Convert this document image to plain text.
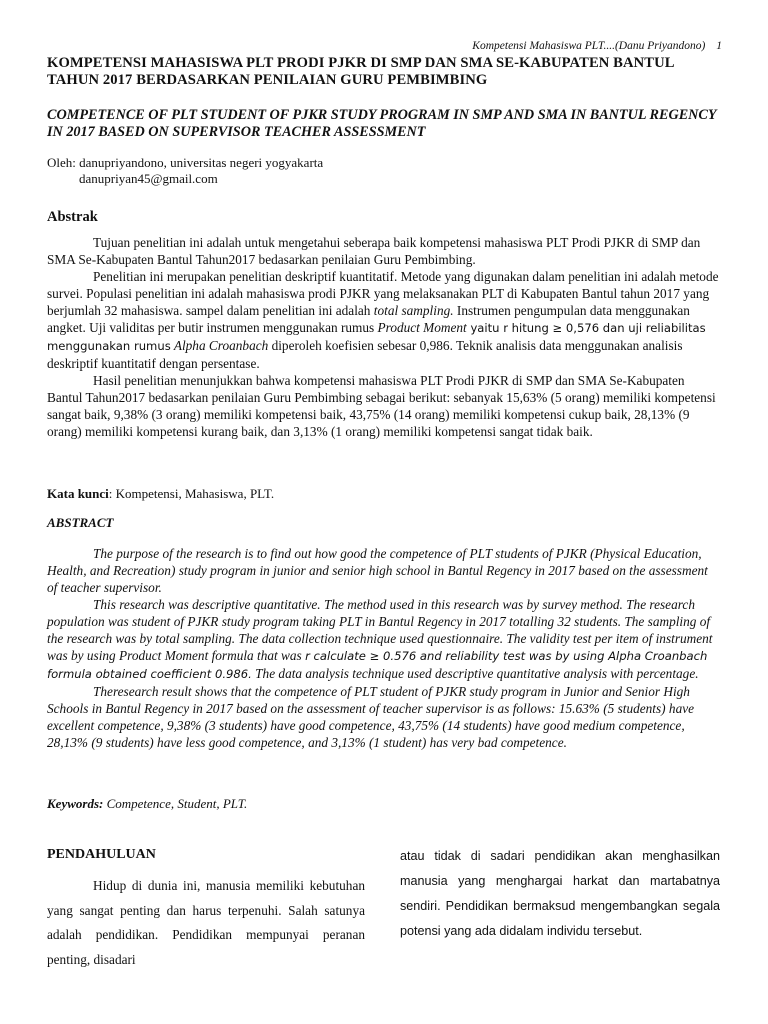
Kompetensi Mahasiswa PLT....(Danu Priyandono) 1
KOMPETENSI MAHASISWA PLT PRODI PJKR DI SMP DAN SMA SE-KABUPATEN BANTUL TAHUN 2017 BERDASARKAN PENILAIAN GURU PEMBIMBING
COMPETENCE OF PLT STUDENT OF PJKR STUDY PROGRAM IN SMP AND SMA IN BANTUL REGENCY IN 2017 BASED ON SUPERVISOR TEACHER ASSESSMENT
Oleh: danupriyandono, universitas negeri yogyakarta
danupriyan45@gmail.com
Abstrak

Tujuan penelitian ini adalah untuk mengetahui seberapa baik kompetensi mahasiswa PLT Prodi PJKR di SMP dan SMA Se-Kabupaten Bantul Tahun2017 bedasarkan penilaian Guru Pembimbing.

Penelitian ini merupakan penelitian deskriptif kuantitatif. Metode yang digunakan dalam penelitian ini adalah metode survei. Populasi penelitian ini adalah mahasiswa prodi PJKR yang melaksanakan PLT di Kabupaten Bantul tahun 2017 yang berjumlah 32 mahasiswa. sampel dalam penelitian ini adalah total sampling. Instrumen pengumpulan data menggunakan angket. Uji validitas per butir instrumen menggunakan rumus Product Moment yaitu r hitung ≥ 0,576 dan uji reliabilitas menggunakan rumus Alpha Croanbach diperoleh koefisien sebesar 0,986. Teknik analisis data menggunakan analisis deskriptif kuantitatif dengan persentase.

Hasil penelitian menunjukkan bahwa kompetensi mahasiswa PLT Prodi PJKR di SMP dan SMA Se-Kabupaten Bantul Tahun2017 bedasarkan penilaian Guru Pembimbing sebagai berikut: sebanyak 15,63% (5 orang) memiliki kompetensi sangat baik, 9,38% (3 orang) memiliki kompetensi baik, 43,75% (14 orang) memiliki kompetensi cukup baik, 28,13% (9 orang) memiliki kompetensi kurang baik, dan 3,13% (1 orang) memiliki kompetensi sangat tidak baik.

Kata kunci: Kompetensi, Mahasiswa, PLT.
ABSTRACT

The purpose of the research is to find out how good the competence of PLT students of PJKR (Physical Education, Health, and Recreation) study program in junior and senior high school in Bantul Regency in 2017 based on the assessment of teacher supervisor.

This research was descriptive quantitative. The method used in this research was by survey method. The research population was student of PJKR study program taking PLT in Bantul Regency in 2017 totalling 32 students. The sampling of the research was by total sampling. The data collection technique used questionnaire. The validity test per item of instrument was by using Product Moment formula that was r calculate ≥ 0.576 and reliability test was by using Alpha Croanbach formula obtained coefficient 0.986. The data analysis technique used descriptive quantitative analysis with percentage.

Theresearch result shows that the competence of PLT student of PJKR study program in Junior and Senior High Schools in Bantul Regency in 2017 based on the assessment of teacher supervisor is as follows: 15.63% (5 students) have excellent competence, 9,38% (3 students) have good competence, 43,75% (14 students) have good medium competence, 28,13% (9 students) have less good competence, and 3,13% (1 student) has very bad competence.

Keywords: Competence, Student, PLT.
PENDAHULUAN

Hidup di dunia ini, manusia memiliki kebutuhan yang sangat penting dan harus terpenuhi. Salah satunya adalah pendidikan. Pendidikan mempunyai peranan penting, disadari

atau tidak di sadari pendidikan akan menghasilkan manusia yang menghargai harkat dan martabatnya sendiri. Pendidikan bermaksud mengembangkan segala potensi yang ada didalam individu tersebut.
